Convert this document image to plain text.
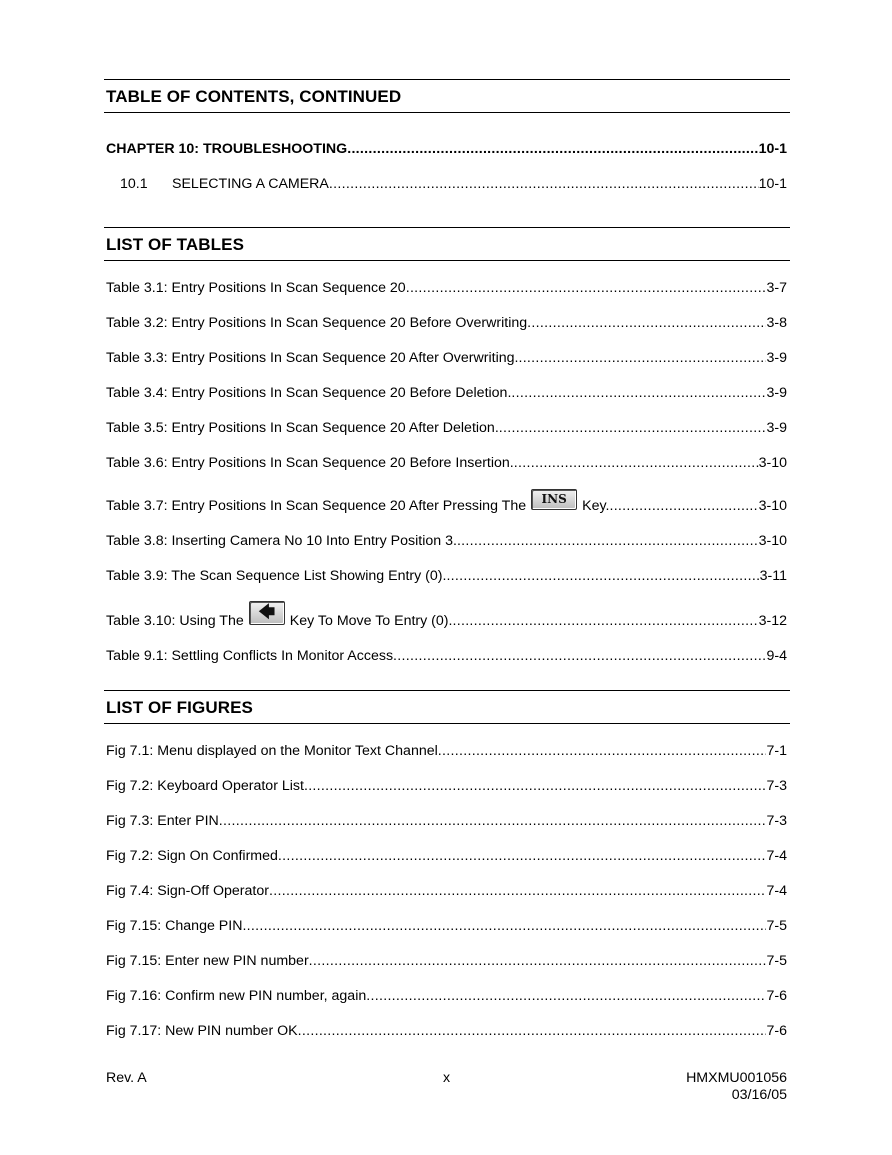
TABLE OF CONTENTS, CONTINUED
CHAPTER 10: TROUBLESHOOTING .....	10-1
10.1	SELECTING A CAMERA .....	10-1
LIST OF TABLES
Table 3.1: Entry Positions In Scan Sequence 20 .....	3-7
Table 3.2: Entry Positions In Scan Sequence 20 Before Overwriting .....	3-8
Table 3.3: Entry Positions In Scan Sequence 20 After Overwriting. .....	3-9
Table 3.4: Entry Positions In Scan Sequence 20 Before Deletion. .....	3-9
Table 3.5: Entry Positions In Scan Sequence 20 After Deletion. .....	3-9
Table 3.6: Entry Positions In Scan Sequence 20 Before Insertion. .....	3-10
Table 3.7: Entry Positions In Scan Sequence 20 After Pressing The	INS	Key. .....	3-10
Table 3.8: Inserting Camera No 10 Into Entry Position 3. .....	3-10
Table 3.9: The Scan Sequence List Showing Entry (0). .....	3-11
Table 3.10: Using The 🡄	Key To Move To Entry (0). .....	3-12
Table 9.1: Settling Conflicts In Monitor Access .....	9-4
LIST OF FIGURES
Fig 7.1: Menu displayed on the Monitor Text Channel .....	7-1
Fig 7.2: Keyboard Operator List .....	7-3
Fig 7.3: Enter PIN .....	7-3
Fig 7.2: Sign On Confirmed .....	7-4
Fig 7.4: Sign-Off Operator .....	7-4
Fig 7.15: Change PIN .....	7-5
Fig 7.15: Enter new PIN number .....	7-5
Fig 7.16: Confirm new PIN number, again .....	7-6
Fig 7.17: New PIN number OK .....	7-6
Rev. A	x	HMXMU001056
03/16/05
